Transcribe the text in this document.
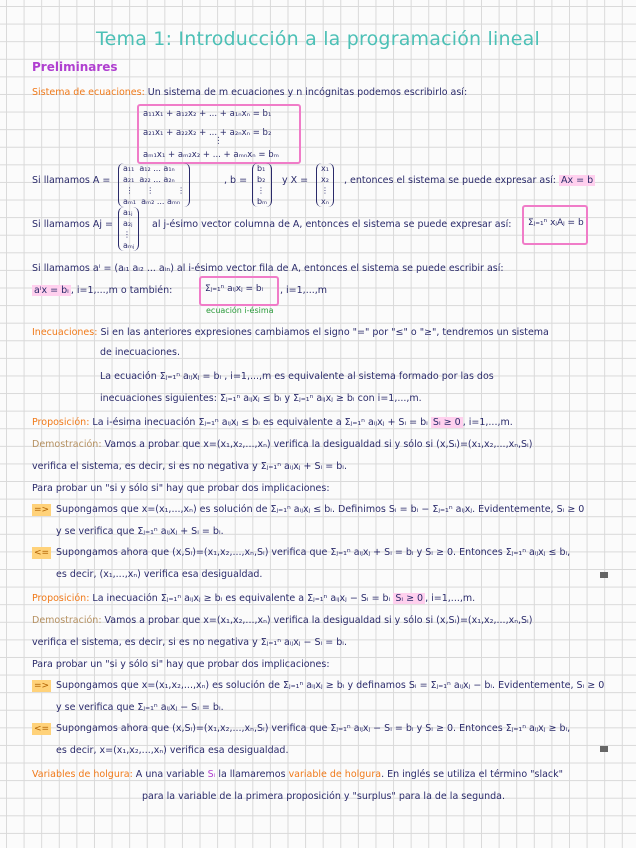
Tema 1: Introducción a la programación lineal
Preliminares
Sistema de ecuaciones: Un sistema de m ecuaciones y n incógnitas podemos escribirlo así:
a₁₁x₁ + a₁₂x₂ + ... + a₁ₙxₙ = b₁
a₂₁x₁ + a₂₂x₂ + ... + a₂ₙxₙ = b₂
⋮
aₘ₁x₁ + aₘ₂x₂ + ... + aₘₙxₙ = bₘ
Si llamamos A =
a₁₁  a₁₂ ... a₁ₙ
a₂₁  a₂₂ ... a₂ₙ
⋮     ⋮         ⋮
aₘ₁  aₘ₂ ... aₘₙ
, b =
b₁
b₂
⋮
bₘ
y X =
x₁
x₂
⋮
xₙ
, entonces el sistema se puede expresar así: Ax = b
Si llamamos Aj =
a₁ⱼ
a₂ⱼ
⋮
aₘⱼ
al j-ésimo vector columna de A, entonces el sistema se puede expresar así: Σⱼ₌₁ⁿ xⱼAⱼ = b
Si llamamos aⁱ = (aᵢ₁ aᵢ₂ ... aᵢₙ) al i-ésimo vector fila de A, entonces el sistema se puede escribir así:
aⁱx = bᵢ , i=1,...,m o también:	Σⱼ₌₁ⁿ aᵢⱼxⱼ = bᵢ , i=1,...,m
ecuación i-ésima
Inecuaciones: Si en las anteriores expresiones cambiamos el signo "=" por "≤" o "≥", tendremos un sistema
de inecuaciones.
La ecuación Σⱼ₌₁ⁿ aᵢⱼxⱼ = bᵢ , i=1,...,m es equivalente al sistema formado por las dos
inecuaciones siguientes: Σⱼ₌₁ⁿ aᵢⱼxⱼ ≤ bᵢ y Σⱼ₌₁ⁿ aᵢⱼxⱼ ≥ bᵢ con i=1,...,m.
Proposición: La i-ésima inecuación Σⱼ₌₁ⁿ aᵢⱼxⱼ ≤ bᵢ es equivalente a Σⱼ₌₁ⁿ aᵢⱼxⱼ + Sᵢ = bᵢ Sᵢ ≥ 0 , i=1,...,m.
Demostración: Vamos a probar que x=(x₁,x₂,...,xₙ) verifica la desigualdad si y sólo si (x,Sᵢ)=(x₁,x₂,...,xₙ,Sᵢ)
verifica el sistema, es decir, si es no negativa y Σⱼ₌₁ⁿ aᵢⱼxⱼ + Sᵢ = bᵢ.
Para probar un "si y sólo si" hay que probar dos implicaciones:
=> Supongamos que x=(x₁,...,xₙ) es solución de Σⱼ₌₁ⁿ aᵢⱼxⱼ ≤ bᵢ. Definimos Sᵢ = bᵢ − Σⱼ₌₁ⁿ aᵢⱼxⱼ. Evidentemente, Sᵢ ≥ 0
y se verifica que Σⱼ₌₁ⁿ aᵢⱼxⱼ + Sᵢ = bᵢ.
<= Supongamos ahora que (x,Sᵢ)=(x₁,x₂,...,xₙ,Sᵢ) verifica que Σⱼ₌₁ⁿ aᵢⱼxⱼ + Sᵢ = bᵢ y Sᵢ ≥ 0. Entonces Σⱼ₌₁ⁿ aᵢⱼxⱼ ≤ bᵢ,
es decir, (x₁,...,xₙ) verifica esa desigualdad.
Proposición: La inecuación Σⱼ₌₁ⁿ aᵢⱼxⱼ ≥ bᵢ es equivalente a Σⱼ₌₁ⁿ aᵢⱼxⱼ − Sᵢ = bᵢ Sᵢ ≥ 0 , i=1,...,m.
Demostración: Vamos a probar que x=(x₁,x₂,...,xₙ) verifica la desigualdad si y sólo si (x,Sᵢ)=(x₁,x₂,...,xₙ,Sᵢ)
verifica el sistema, es decir, si es no negativa y Σⱼ₌₁ⁿ aᵢⱼxⱼ − Sᵢ = bᵢ.
Para probar un "si y sólo si" hay que probar dos implicaciones:
=> Supongamos que x=(x₁,x₂,...,xₙ) es solución de Σⱼ₌₁ⁿ aᵢⱼxⱼ ≥ bᵢ y definamos Sᵢ = Σⱼ₌₁ⁿ aᵢⱼxⱼ − bᵢ. Evidentemente, Sᵢ ≥ 0
y se verifica que Σⱼ₌₁ⁿ aᵢⱼxⱼ − Sᵢ = bᵢ.
<= Supongamos ahora que (x,Sᵢ)=(x₁,x₂,...,xₙ,Sᵢ) verifica que Σⱼ₌₁ⁿ aᵢⱼxⱼ − Sᵢ = bᵢ y Sᵢ ≥ 0. Entonces Σⱼ₌₁ⁿ aᵢⱼxⱼ ≥ bᵢ,
es decir, x=(x₁,x₂,...,xₙ) verifica esa desigualdad.
Variables de holgura: A una variable Sᵢ la llamaremos variable de holgura. En inglés se utiliza el término "slack"
para la variable de la primera proposición y "surplus" para la de la segunda.
